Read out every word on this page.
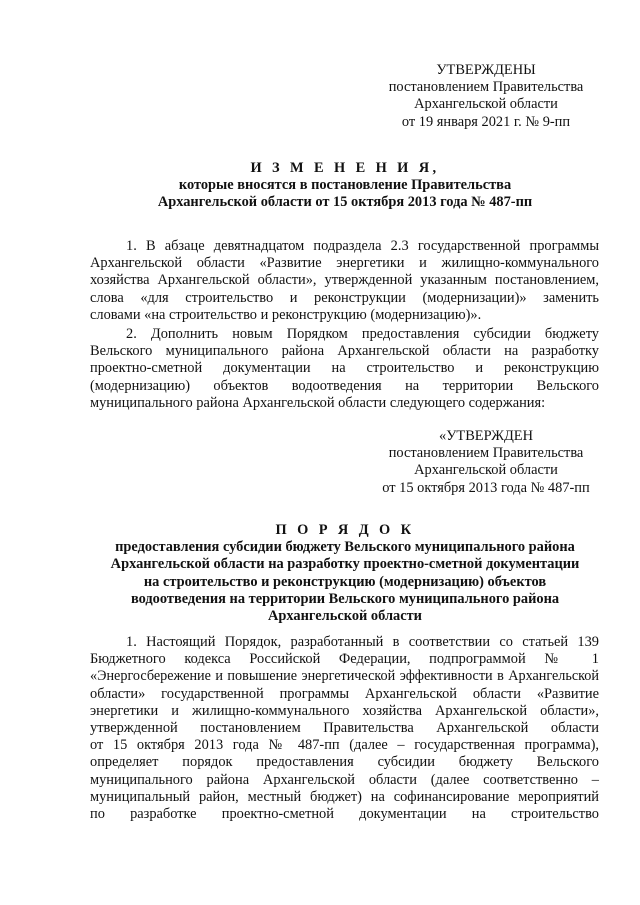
УТВЕРЖДЕНЫ
постановлением Правительства
Архангельской области
от 19 января 2021 г. № 9-пп
И З М Е Н Е Н И Я,
которые вносятся в постановление Правительства
Архангельской области от 15 октября 2013 года № 487-пп
1. В абзаце девятнадцатом подраздела 2.3 государственной программы
Архангельской области «Развитие энергетики и жилищно-коммунального
хозяйства Архангельской области», утвержденной указанным постановлением,
слова «для строительство и реконструкции (модернизации)» заменить
словами «на строительство и реконструкцию (модернизацию)».
2. Дополнить новым Порядком предоставления субсидии бюджету
Вельского муниципального района Архангельской области на разработку
проектно-сметной документации на строительство и реконструкцию
(модернизацию) объектов водоотведения на территории Вельского
муниципального района Архангельской области следующего содержания:
«УТВЕРЖДЕН
постановлением Правительства
Архангельской области
от 15 октября 2013 года № 487-пп
П О Р Я Д О К
предоставления субсидии бюджету Вельского муниципального района
Архангельской области на разработку проектно-сметной документации
на строительство и реконструкцию (модернизацию) объектов
водоотведения на территории Вельского муниципального района
Архангельской области
1. Настоящий Порядок, разработанный в соответствии со статьей 139
Бюджетного кодекса Российской Федерации, подпрограммой № 1
«Энергосбережение и повышение энергетической эффективности в Архангельской
области» государственной программы Архангельской области «Развитие
энергетики и жилищно-коммунального хозяйства Архангельской области»,
утвержденной постановлением Правительства Архангельской области
от 15 октября 2013 года № 487-пп (далее – государственная программа),
определяет порядок предоставления субсидии бюджету Вельского
муниципального района Архангельской области (далее соответственно –
муниципальный район, местный бюджет) на софинансирование мероприятий
по разработке проектно-сметной документации на строительство
